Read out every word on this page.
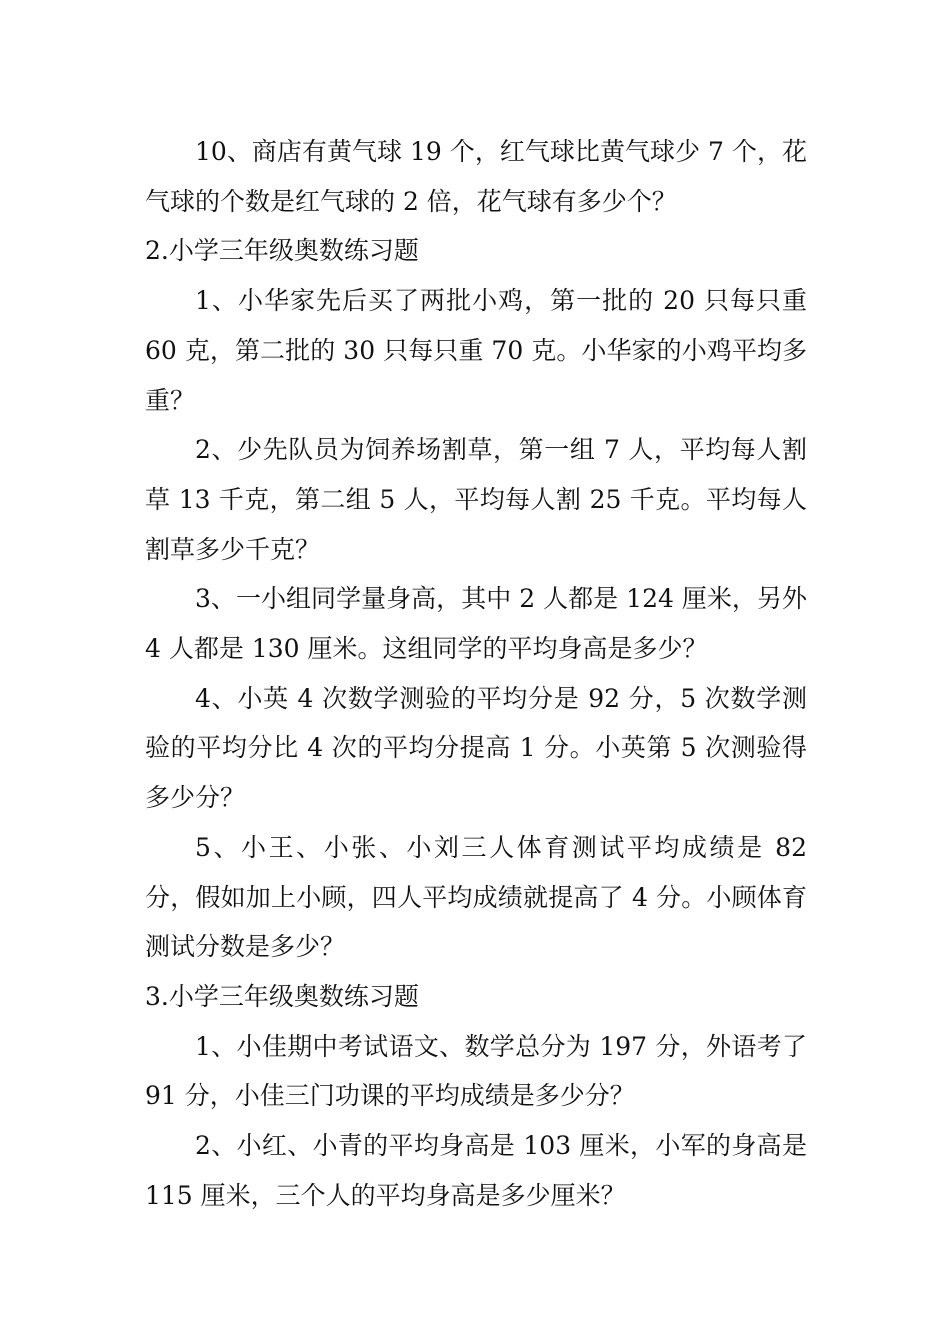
10、商店有黄气球 19 个，红气球比黄气球少 7 个，花气球的个数是红气球的 2 倍，花气球有多少个？

2.小学三年级奥数练习题

1、小华家先后买了两批小鸡，第一批的 20 只每只重 60 克，第二批的 30 只每只重 70 克。小华家的小鸡平均多重？

2、少先队员为饲养场割草，第一组 7 人，平均每人割草 13 千克，第二组 5 人，平均每人割 25 千克。平均每人割草多少千克？

3、一小组同学量身高，其中 2 人都是 124 厘米，另外 4 人都是 130 厘米。这组同学的平均身高是多少？

4、小英 4 次数学测验的平均分是 92 分，5 次数学测验的平均分比 4 次的平均分提高 1 分。小英第 5 次测验得多少分？

5、小王、小张、小刘三人体育测试平均成绩是 82 分，假如加上小顾，四人平均成绩就提高了 4 分。小顾体育测试分数是多少？

3.小学三年级奥数练习题

1、小佳期中考试语文、数学总分为 197 分，外语考了 91 分，小佳三门功课的平均成绩是多少分？

2、小红、小青的平均身高是 103 厘米，小军的身高是 115 厘米，三个人的平均身高是多少厘米？
